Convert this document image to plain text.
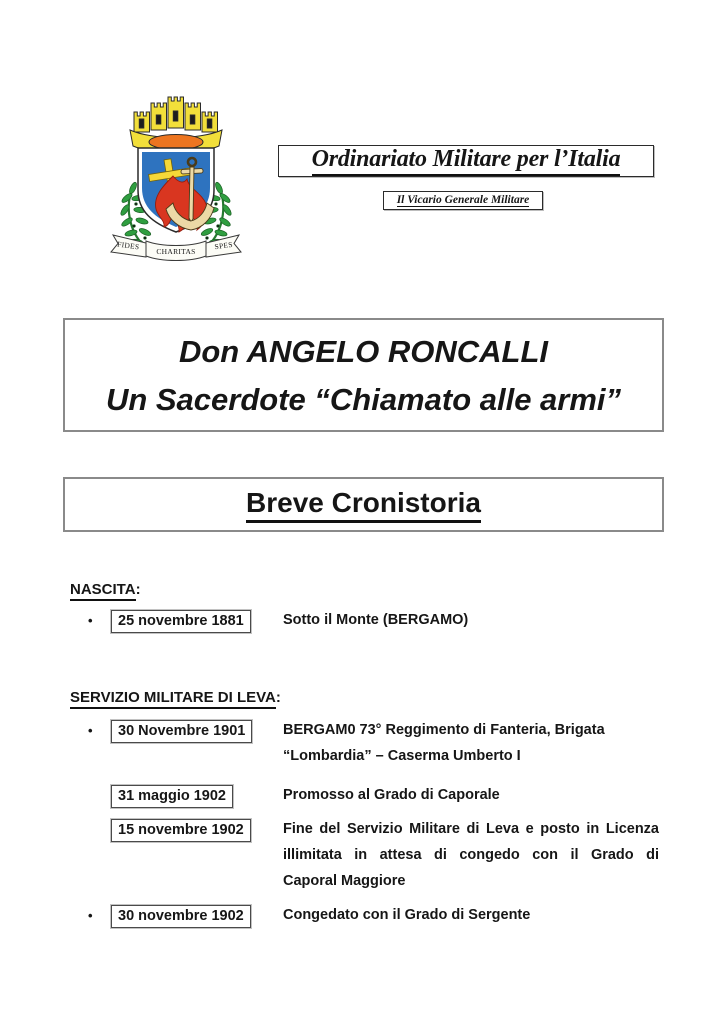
FIDES CHARITAS
SPES
Ordinariato Militare per l’Italia
Il Vicario Generale Militare
Don ANGELO RONCALLI
Un Sacerdote “Chiamato alle armi”
Breve Cronistoria
NASCITA:
•	25 novembre 1881	Sotto il Monte (BERGAMO)
SERVIZIO MILITARE DI LEVA:
•	30 Novembre 1901	BERGAM0 73° Reggimento di Fanteria, Brigata “Lombardia” – Caserma Umberto I
31 maggio 1902	Promosso al Grado di Caporale
15 novembre 1902	Fine del Servizio Militare di Leva e posto in Licenza illimitata in attesa di congedo con il Grado di Caporal Maggiore
•	30 novembre 1902	Congedato con il Grado di Sergente
